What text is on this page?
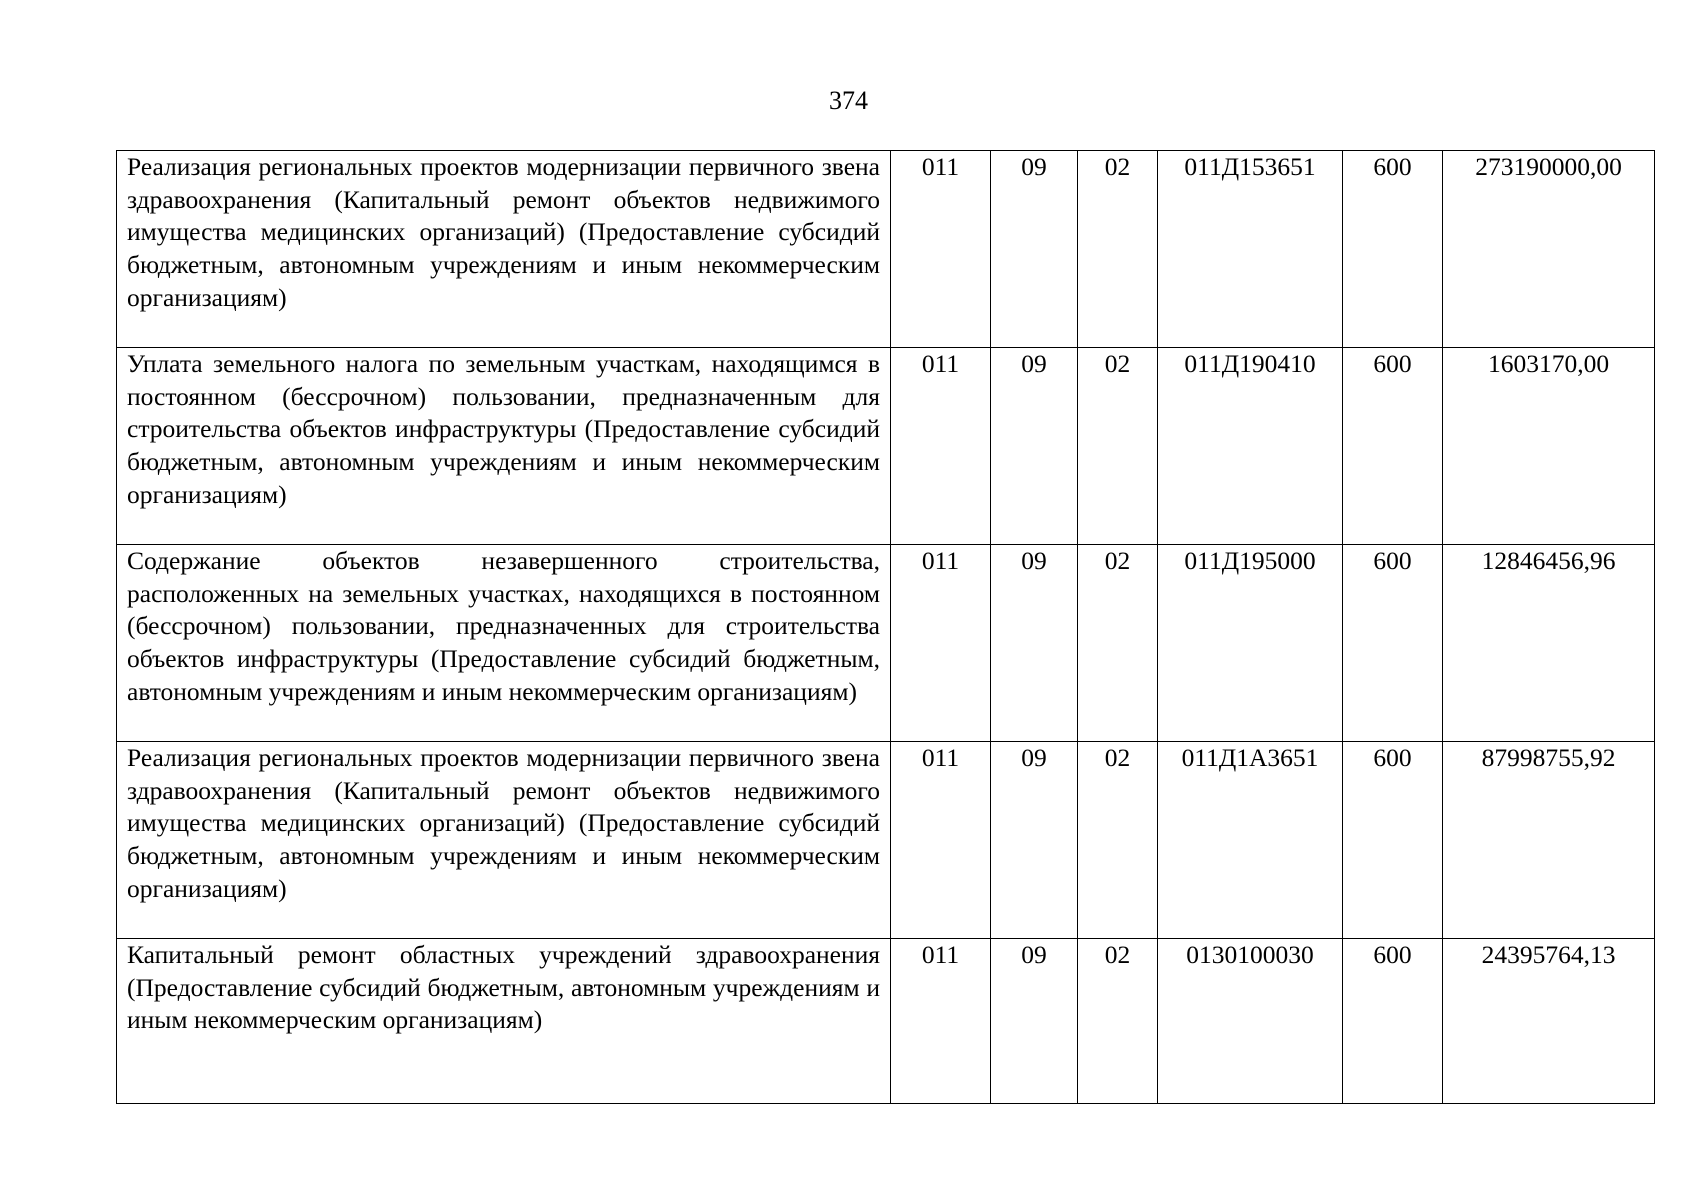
374
Реализация региональных проектов модернизации первичного звена здравоохранения (Капитальный ремонт объектов недвижимого имущества медицинских организаций) (Предоставление субсидий бюджетным, автономным учреждениям и иным некоммерческим организациям)	011	09	02	011Д153651	600	273190000,00
Уплата земельного налога по земельным участкам, находящимся в постоянном (бессрочном) пользовании, предназначенным для строительства объектов инфраструктуры (Предоставление субсидий бюджетным, автономным учреждениям и иным некоммерческим организациям)	011	09	02	011Д190410	600	1603170,00
Содержание объектов незавершенного строительства, расположенных на земельных участках, находящихся в постоянном (бессрочном) пользовании, предназначенных для строительства объектов инфраструктуры (Предоставление субсидий бюджетным, автономным учреждениям и иным некоммерческим организациям)	011	09	02	011Д195000	600	12846456,96
Реализация региональных проектов модернизации первичного звена здравоохранения (Капитальный ремонт объектов недвижимого имущества медицинских организаций) (Предоставление субсидий бюджетным, автономным учреждениям и иным некоммерческим организациям)	011	09	02	011Д1А3651	600	87998755,92
Капитальный ремонт областных учреждений здравоохранения (Предоставление субсидий бюджетным, автономным учреждениям и иным некоммерческим организациям)	011	09	02	0130100030	600	24395764,13
